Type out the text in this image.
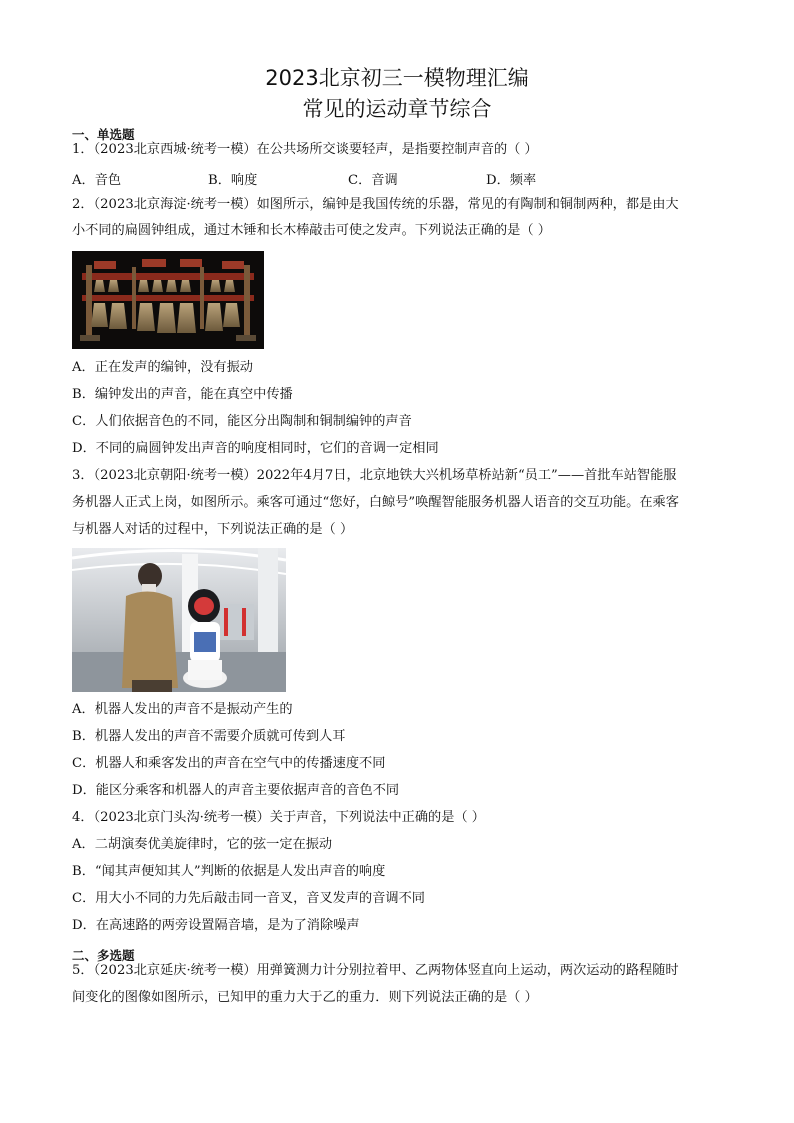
2023北京初三一模物理汇编
常见的运动章节综合
一、单选题
1．（2023北京西城·统考一模）在公共场所交谈要轻声，是指要控制声音的（ ）
A．音色	B．响度	C．音调	D．频率
2．（2023北京海淀·统考一模）如图所示，编钟是我国传统的乐器，常见的有陶制和铜制两种，都是由大
小不同的扁圆钟组成，通过木锤和长木棒敲击可使之发声。下列说法正确的是（ ）
A．正在发声的编钟，没有振动
B．编钟发出的声音，能在真空中传播
C．人们依据音色的不同，能区分出陶制和铜制编钟的声音
D．不同的扁圆钟发出声音的响度相同时，它们的音调一定相同
3．（2023北京朝阳·统考一模）2022年4月7日，北京地铁大兴机场草桥站新“员工”——首批车站智能服
务机器人正式上岗，如图所示。乘客可通过“您好，白鲸号”唤醒智能服务机器人语音的交互功能。在乘客
与机器人对话的过程中，下列说法正确的是（ ）
A．机器人发出的声音不是振动产生的
B．机器人发出的声音不需要介质就可传到人耳
C．机器人和乘客发出的声音在空气中的传播速度不同
D．能区分乘客和机器人的声音主要依据声音的音色不同
4．（2023北京门头沟·统考一模）关于声音，下列说法中正确的是（ ）
A．二胡演奏优美旋律时，它的弦一定在振动
B．“闻其声便知其人”判断的依据是人发出声音的响度
C．用大小不同的力先后敲击同一音叉，音叉发声的音调不同
D．在高速路的两旁设置隔音墙，是为了消除噪声
二、多选题
5．（2023北京延庆·统考一模）用弹簧测力计分别拉着甲、乙两物体竖直向上运动，两次运动的路程随时
间变化的图像如图所示，已知甲的重力大于乙的重力．则下列说法正确的是（ ）
